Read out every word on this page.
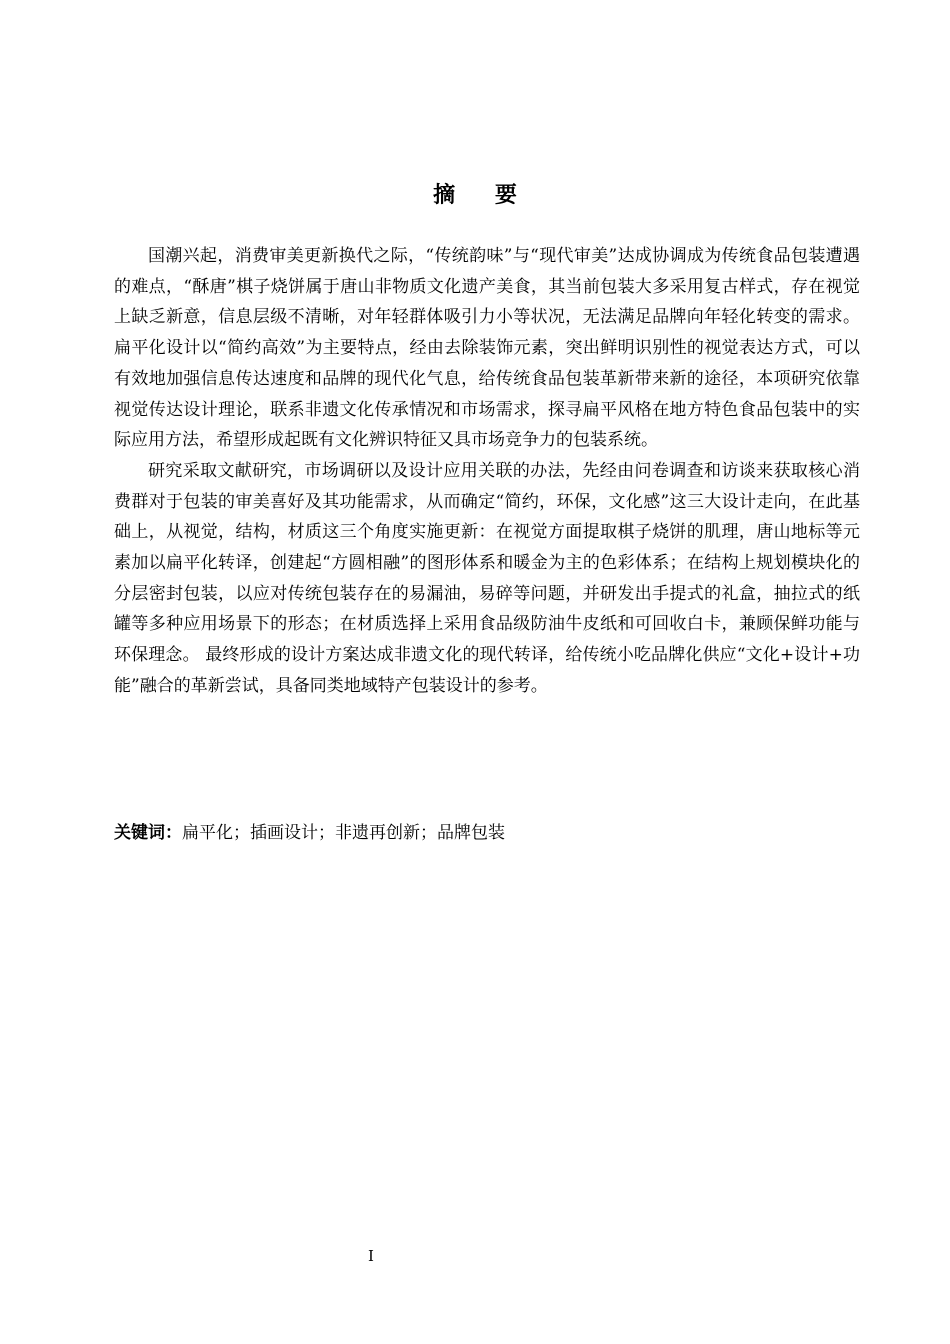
摘 要

国潮兴起，消费审美更新换代之际，“传统韵味”与“现代审美”达成协调成为传统食品包装遭遇的难点，“酥唐”棋子烧饼属于唐山非物质文化遗产美食，其当前包装大多采用复古样式，存在视觉上缺乏新意，信息层级不清晰，对年轻群体吸引力小等状况，无法满足品牌向年轻化转变的需求。扁平化设计以“简约高效”为主要特点，经由去除装饰元素，突出鲜明识别性的视觉表达方式，可以有效地加强信息传达速度和品牌的现代化气息，给传统食品包装革新带来新的途径，本项研究依靠视觉传达设计理论，联系非遗文化传承情况和市场需求，探寻扁平风格在地方特色食品包装中的实际应用方法，希望形成起既有文化辨识特征又具市场竞争力的包装系统。

研究采取文献研究，市场调研以及设计应用关联的办法，先经由问卷调查和访谈来获取核心消费群对于包装的审美喜好及其功能需求，从而确定“简约，环保，文化感”这三大设计走向，在此基础上，从视觉，结构，材质这三个角度实施更新：在视觉方面提取棋子烧饼的肌理，唐山地标等元素加以扁平化转译，创建起“方圆相融”的图形体系和暖金为主的色彩体系；在结构上规划模块化的分层密封包装，以应对传统包装存在的易漏油，易碎等问题，并研发出手提式的礼盒，抽拉式的纸罐等多种应用场景下的形态；在材质选择上采用食品级防油牛皮纸和可回收白卡，兼顾保鲜功能与环保理念。 最终形成的设计方案达成非遗文化的现代转译，给传统小吃品牌化供应“文化+设计+功能”融合的革新尝试，具备同类地域特产包装设计的参考。

关键词：扁平化；插画设计；非遗再创新；品牌包装
I
